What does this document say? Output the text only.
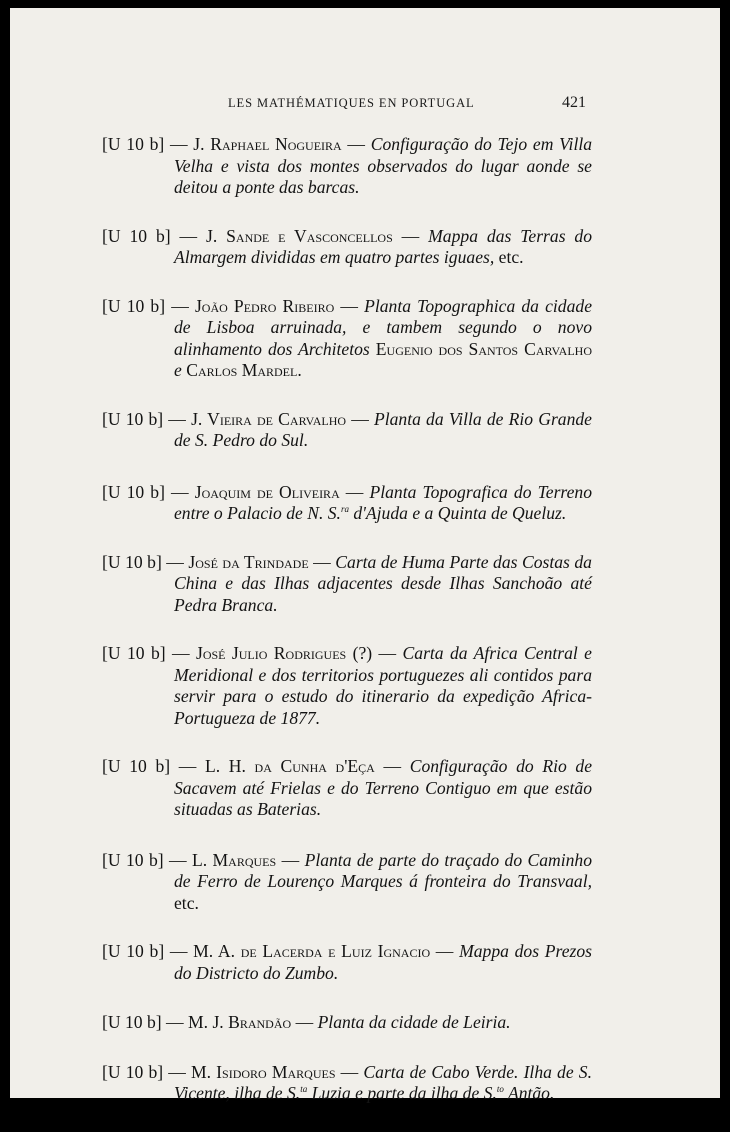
LES MATHÉMATIQUES EN PORTUGAL	421

[U 10 b] — J. Raphael Nogueira — Configuração do Tejo em Villa Velha e vista dos montes observados do lugar aonde se deitou a ponte das barcas.

[U 10 b] — J. Sande e Vasconcellos — Mappa das Terras do Almargem divididas em quatro partes iguaes, etc.

[U 10 b] — João Pedro Ribeiro — Planta Topographica da cidade de Lisboa arruinada, e tambem segundo o novo alinhamento dos Architetos Eugenio dos Santos Carvalho e Carlos Mardel.

[U 10 b] — J. Vieira de Carvalho — Planta da Villa de Rio Grande de S. Pedro do Sul.

[U 10 b] — Joaquim de Oliveira — Planta Topografica do Terreno entre o Palacio de N. S.$^{ra}$ d'Ajuda e a Quinta de Queluz.

[U 10 b] — José da Trindade — Carta de Huma Parte das Costas da China e das Ilhas adjacentes desde Ilhas Sanchoão até Pedra Branca.

[U 10 b] — José Julio Rodrigues (?) — Carta da Africa Central e Meridional e dos territorios portuguezes ali contidos para servir para o estudo do itinerario da expedição Africa-Portugueza de 1877.

[U 10 b] — L. H. da Cunha d'Eça — Configuração do Rio de Sacavem até Frielas e do Terreno Contiguo em que estão situadas as Baterias.

[U 10 b] — L. Marques — Planta de parte do traçado do Caminho de Ferro de Lourenço Marques á fronteira do Transvaal, etc.

[U 10 b] — M. A. de Lacerda e Luiz Ignacio — Mappa dos Prezos do Districto do Zumbo.

[U 10 b] — M. J. Brandão — Planta da cidade de Leiria.

[U 10 b] — M. Isidoro Marques — Carta de Cabo Verde. Ilha de S. Vicente, ilha de S.$^{ta}$ Luzia e parte da ilha de S.$^{to}$ Antão.
